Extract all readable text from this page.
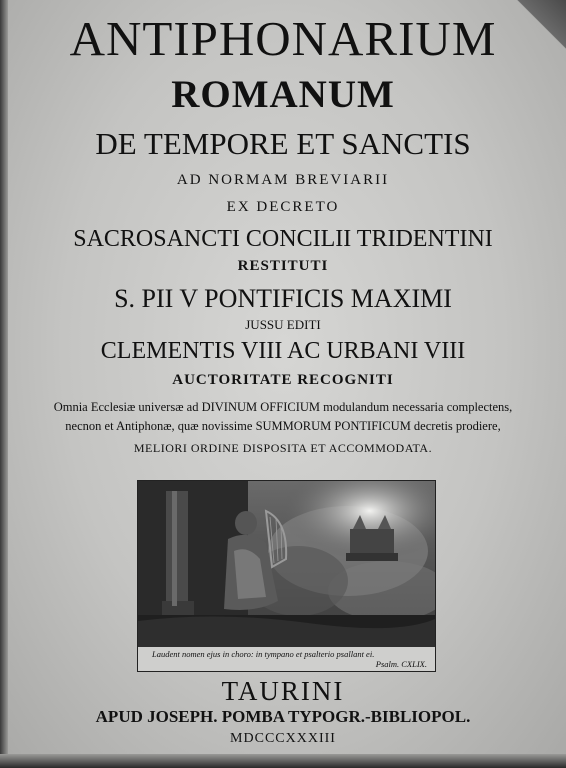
ANTIPHONARIUM
ROMANUM
DE TEMPORE ET SANCTIS
AD NORMAM BREVIARII
EX DECRETO
SACROSANCTI CONCILII TRIDENTINI
RESTITUTI
S. PII V PONTIFICIS MAXIMI
JUSSU EDITI
CLEMENTIS VIII AC URBANI VIII
AUCTORITATE RECOGNITI
Omnia Ecclesiæ universæ ad DIVINUM OFFICIUM modulandum necessaria complectens,
necnon et Antiphonæ, quæ novissime SUMMORUM PONTIFICUM decretis prodiere,
MELIORI ORDINE DISPOSITA ET ACCOMMODATA.
Laudent nomen ejus in choro: in tympano et psalterio psallant ei.
Psalm. CXLIX.
TAURINI
APUD JOSEPH. POMBA TYPOGR.-BIBLIOPOL.
MDCCCXXXIII
